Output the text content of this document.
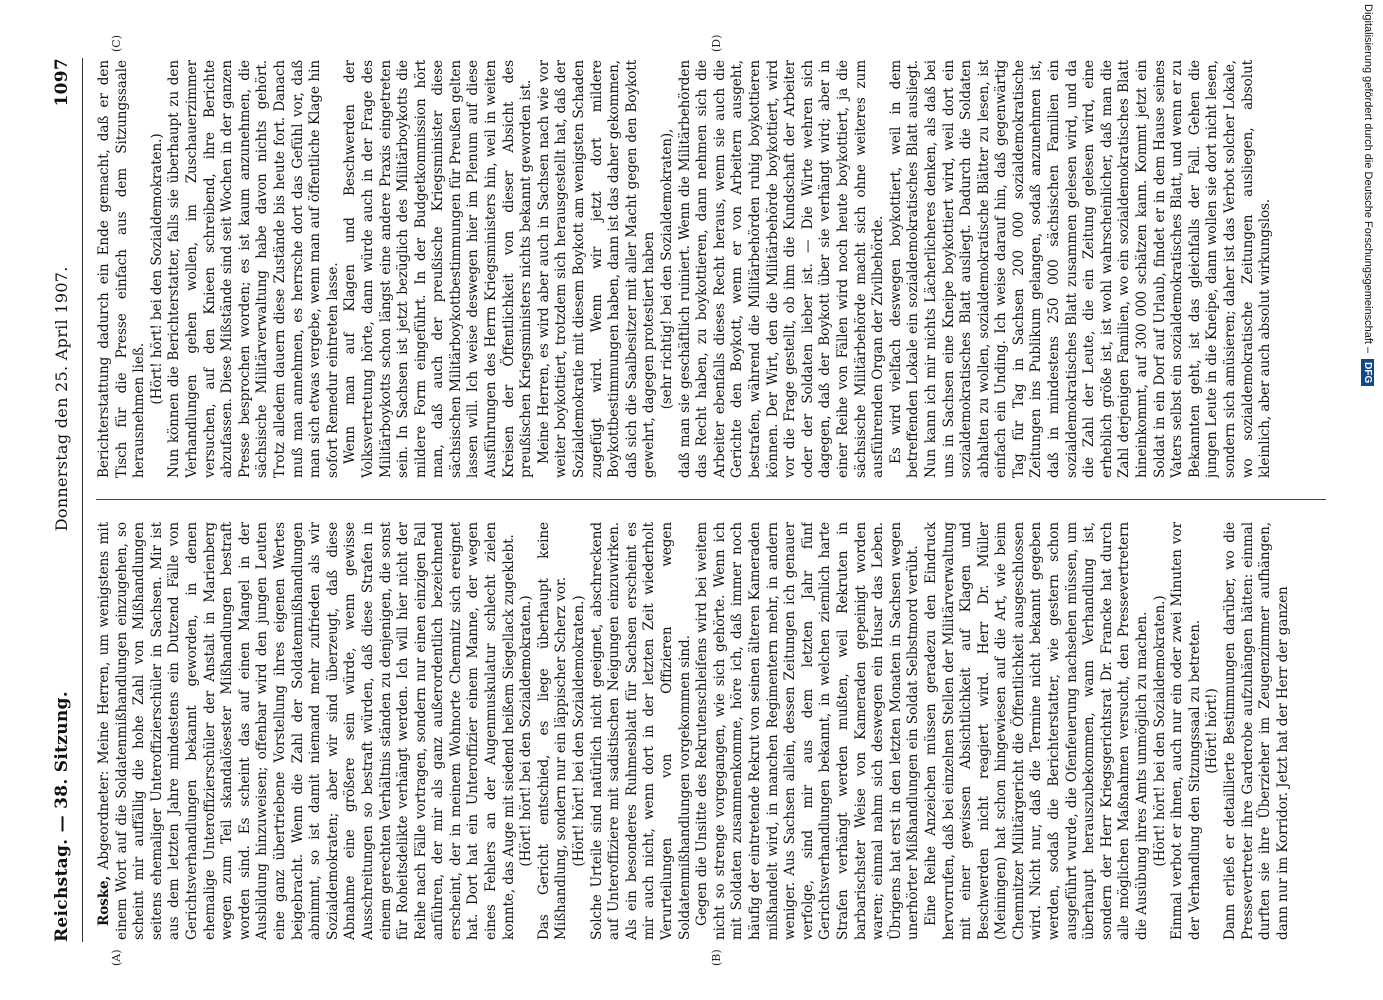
Reichstag. — 38. Sitzung.
Donnerstag den 25. April 1907.
1097
(A)	(B)
(C)	(D)

Roske, Abgeordneter: Meine Herren, um wenigstens mit einem Wort auf die Soldatenmißhandlungen einzugehen, so scheint mir auffällig die hohe Zahl von Mißhandlungen seitens ehemaliger Unteroffizierschüler in Sachsen. Mir ist aus dem letzten Jahre mindestens ein Dutzend Fälle von Gerichtsverhandlungen bekannt geworden, in denen ehemalige Unteroffizierschüler der Anstalt in Marienberg wegen zum Teil skandalösester Mißhandlungen bestraft worden sind. Es scheint das auf einen Mangel in der Ausbildung hinzuweisen; offenbar wird den jungen Leuten eine ganz übertriebene Vorstellung ihres eigenen Wertes beigebracht. Wenn die Zahl der Soldatenmißhandlungen abnimmt, so ist damit niemand mehr zufrieden als wir Sozialdemokraten; aber wir sind überzeugt, daß diese Abnahme eine größere sein würde, wenn gewisse Ausschreitungen so bestraft würden, daß diese Strafen in einem gerechten Verhältnis ständen zu denjenigen, die sonst für Roheitsdelikte verhängt werden. Ich will hier nicht der Reihe nach Fälle vortragen, sondern nur einen einzigen Fall anführen, der mir als ganz außerordentlich bezeichnend erscheint, der in meinem Wohnorte Chemnitz sich ereignet hat. Dort hat ein Unteroffizier einem Manne, der wegen eines Fehlers an der Augenmuskulatur schlecht zielen konnte, das Auge mit siedend heißem Siegellack zugeklebt. (Hört! hört! bei den Sozialdemokraten.) Das Gericht entschied, es liege überhaupt keine Mißhandlung, sondern nur ein läppischer Scherz vor. (Hört! hört! bei den Sozialdemokraten.) Solche Urteile sind natürlich nicht geeignet, abschreckend auf Unteroffiziere mit sadistischen Neigungen einzuwirken. Als ein besonderes Ruhmesblatt für Sachsen erscheint es mir auch nicht, wenn dort in der letzten Zeit wiederholt Verurteilungen von Offizieren wegen Soldatenmißhandlungen vorgekommen sind. Gegen die Unsitte des Rekrutenschleifens wird bei weitem nicht so strenge vorgegangen, wie sich gehörte. Wenn ich mit Soldaten zusammenkomme, höre ich, daß immer noch häufig der eintretende Rekrut von seinen älteren Kameraden mißhandelt wird, in manchen Regimentern mehr, in andern weniger. Aus Sachsen allein, dessen Zeitungen ich genauer verfolge, sind mir aus dem letzten Jahr fünf Gerichtsverhandlungen bekannt, in welchen ziemlich harte Strafen verhängt werden mußten, weil Rekruten in barbarischster Weise von Kameraden gepeinigt worden waren; einmal nahm sich deswegen ein Husar das Leben. Übrigens hat erst in den letzten Monaten in Sachsen wegen unerhörter Mißhandlungen ein Soldat Selbstmord verübt. Eine Reihe Anzeichen müssen geradezu den Eindruck hervorrufen, daß bei einzelnen Stellen der Militärverwaltung mit einer gewissen Absichtlichkeit auf Klagen und Beschwerden nicht reagiert wird. Herr Dr. Müller (Meiningen) hat schon hingewiesen auf die Art, wie beim Chemnitzer Militärgericht die Öffentlichkeit ausgeschlossen wird. Nicht nur, daß die Termine nicht bekannt gegeben werden, sodaß die Berichterstatter, wie gestern schon ausgeführt wurde, die Ofenfeuerung nachsehen müssen, um überhaupt herauszubekommen, wann Verhandlung ist, sondern der Herr Kriegsgerichtsrat Dr. Francke hat durch alle möglichen Maßnahmen versucht, den Pressevertretern die Ausübung ihres Amts unmöglich zu machen. (Hört! hört! bei den Sozialdemokraten.) Einmal verbot er ihnen, auch nur ein oder zwei Minuten vor der Verhandlung den Sitzungssaal zu betreten. (Hört! hört!) Dann erließ er detaillierte Bestimmungen darüber, wo die Pressevertreter ihre Garderobe aufzuhängen hätten: einmal durften sie ihre Überzieher im Zeugenzimmer aufhängen, dann nur im Korridor. Jetzt hat der Herr der ganzen

Berichterstattung dadurch ein Ende gemacht, daß er den Tisch für die Presse einfach aus dem Sitzungssaale herausnehmen ließ.

(Hört! hört! bei den Sozialdemokraten.) Nun können die Berichterstatter, falls sie überhaupt zu den Verhandlungen gehen wollen, im Zuschauerzimmer versuchen, auf den Knieen schreibend, ihre Berichte abzufassen. Diese Mißstände sind seit Wochen in der ganzen Presse besprochen worden; es ist kaum anzunehmen, die sächsische Militärverwaltung habe davon nichts gehört. Trotz alledem dauern diese Zustände bis heute fort. Danach muß man annehmen, es herrsche dort das Gefühl vor, daß man sich etwas vergebe, wenn man auf öffentliche Klage hin sofort Remedur eintreten lasse. Wenn man auf Klagen und Beschwerden der Volksvertretung hörte, dann würde auch in der Frage des Militärboykotts schon längst eine andere Praxis eingetreten sein. In Sachsen ist jetzt bezüglich des Militärboykotts die mildere Form eingeführt. In der Budgetkommission hört man, daß auch der preußische Kriegsminister diese sächsischen Militärboykottbestimmungen für Preußen gelten lassen will. Ich weise deswegen hier im Plenum auf diese Ausführungen des Herrn Kriegsministers hin, weil in weiten Kreisen der Öffentlichkeit von dieser Absicht des preußischen Kriegsministers nichts bekannt geworden ist. Meine Herren, es wird aber auch in Sachsen nach wie vor weiter boykottiert, trotzdem sich herausgestellt hat, daß der Sozialdemokratie mit diesem Boykott am wenigsten Schaden zugefügt wird. Wenn wir jetzt dort mildere Boykottbestimmungen haben, dann ist das daher gekommen, daß sich die Saalbesitzer mit aller Macht gegen den Boykott gewehrt, dagegen protestiert haben (sehr richtig! bei den Sozialdemokraten), daß man sie geschäftlich ruiniert. Wenn die Militärbehörden das Recht haben, zu boykottieren, dann nehmen sich die Arbeiter ebenfalls dieses Recht heraus, wenn sie auch die Gerichte den Boykott, wenn er von Arbeitern ausgeht, bestrafen, während die Militärbehörden ruhig boykottieren können. Der Wirt, den die Militärbehörde boykottiert, wird vor die Frage gestellt, ob ihm die Kundschaft der Arbeiter oder der Soldaten lieber ist. — Die Wirte wehren sich dagegen, daß der Boykott über sie verhängt wird; aber in einer Reihe von Fällen wird noch heute boykottiert, ja die sächsische Militärbehörde macht sich ohne weiteres zum ausführenden Organ der Zivilbehörde. Es wird vielfach deswegen boykottiert, weil in dem betreffenden Lokale ein sozialdemokratisches Blatt ausliegt. Nun kann ich mir nichts Lächerlicheres denken, als daß bei uns in Sachsen eine Kneipe boykottiert wird, weil dort ein sozialdemokratisches Blatt ausliegt. Dadurch die Soldaten abhalten zu wollen, sozialdemokratische Blätter zu lesen, ist einfach ein Unding. Ich weise darauf hin, daß gegenwärtig Tag für Tag in Sachsen 200 000 sozialdemokratische Zeitungen ins Publikum gelangen, sodaß anzunehmen ist, daß in mindestens 250 000 sächsischen Familien ein sozialdemokratisches Blatt zusammen gelesen wird, und da die Zahl der Leute, die ein Zeitung gelesen wird, eine erheblich größe ist, ist wohl wahrscheinlicher, daß man die Zahl derjenigen Familien, wo ein sozialdemokratisches Blatt hineinkommt, auf 300 000 schätzen kann. Kommt jetzt ein Soldat in ein Dorf auf Urlaub, findet er in dem Hause seines Vaters selbst ein sozialdemokratisches Blatt, und wenn er zu Bekannten geht, ist das gleichfalls der Fall. Gehen die jungen Leute in die Kneipe, dann wollen sie dort nicht lesen, sondern sich amüsieren; daher ist das Verbot solcher Lokale, wo sozialdemokratische Zeitungen ausliegen, absolut kleinlich, aber auch absolut wirkungslos.	Digitalisierung gefördert durch die Deutsche Forschungsgemeinschaft –
DFG
